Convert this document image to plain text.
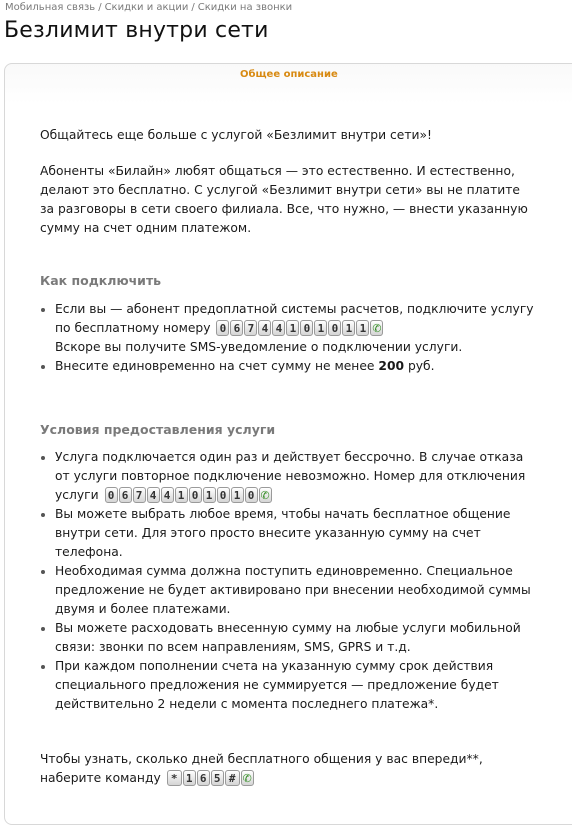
Мобильная связь / Скидки и акции / Скидки на звонки
Безлимит внутри сети
Общее описание

Общайтесь еще больше с услугой «Безлимит внутри сети»!

Абоненты «Билайн» любят общаться — это естественно. И естественно, делают это бесплатно. С услугой «Безлимит внутри сети» вы не платите за разговоры в сети своего филиала. Все, что нужно, — внести указанную сумму на счет одним платежом.

Как подключить

Если вы — абонент предоплатной системы расчетов, подключите услугу по бесплатному номеру 0 6 7 4 4 1 0 1 0 1 1 ✆

Вскоре вы получите SMS-уведомление о подключении услуги.
Внесите единовременно на счет сумму не менее 200 руб.

Условия предоставления услуги

Услуга подключается один раз и действует бессрочно. В случае отказа от услуги повторное подключение невозможно. Номер для отключения услуги 0 6 7 4 4 1 0 1 0 1 0 ✆
Вы можете выбрать любое время, чтобы начать бесплатное общение внутри сети. Для этого просто внесите указанную сумму на счет телефона.
Необходимая сумма должна поступить единовременно. Специальное предложение не будет активировано при внесении необходимой суммы двумя и более платежами.
Вы можете расходовать внесенную сумму на любые услуги мобильной связи: звонки по всем направлениям, SMS, GPRS и т.д.
При каждом пополнении счета на указанную сумму срок действия специального предложения не суммируется — предложение будет действительно 2 недели с момента последнего платежа*.

Чтобы узнать, сколько дней бесплатного общения у вас впереди**, наберите команду * 1 6 5 # ✆
